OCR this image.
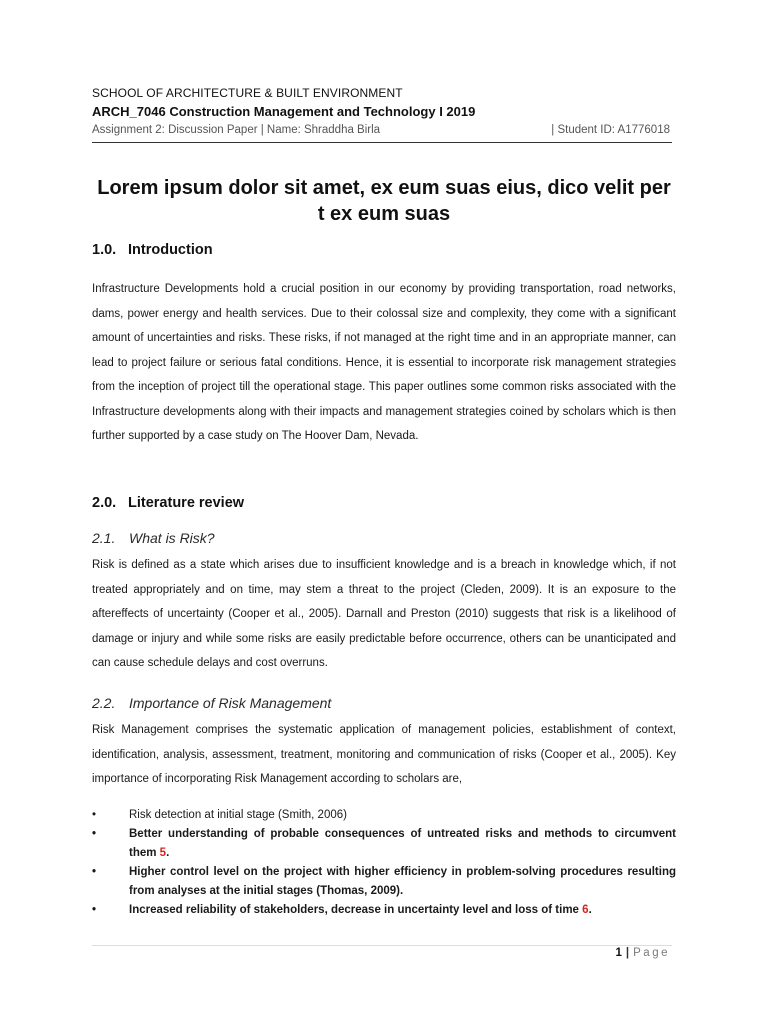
SCHOOL OF ARCHITECTURE & BUILT ENVIRONMENT
ARCH_7046 Construction Management and Technology I 2019
Assignment 2: Discussion Paper | Name: Shraddha Birla	| Student ID: A1776018
Lorem ipsum dolor sit amet, ex eum suas eius, dico velit per t ex eum suas
1.0. Introduction
Infrastructure Developments hold a crucial position in our economy by providing transportation, road networks, dams, power energy and health services. Due to their colossal size and complexity, they come with a significant amount of uncertainties and risks. These risks, if not managed at the right time and in an appropriate manner, can lead to project failure or serious fatal conditions. Hence, it is essential to incorporate risk management strategies from the inception of project till the operational stage. This paper outlines some common risks associated with the Infrastructure developments along with their impacts and management strategies coined by scholars which is then further supported by a case study on The Hoover Dam, Nevada.
2.0. Literature review
2.1. What is Risk?
Risk is defined as a state which arises due to insufficient knowledge and is a breach in knowledge which, if not treated appropriately and on time, may stem a threat to the project (Cleden, 2009). It is an exposure to the aftereffects of uncertainty (Cooper et al., 2005). Darnall and Preston (2010) suggests that risk is a likelihood of damage or injury and while some risks are easily predictable before occurrence, others can be unanticipated and can cause schedule delays and cost overruns.
2.2. Importance of Risk Management
Risk Management comprises the systematic application of management policies, establishment of context, identification, analysis, assessment, treatment, monitoring and communication of risks (Cooper et al., 2005). Key importance of incorporating Risk Management according to scholars are,
•	Risk detection at initial stage (Smith, 2006)
•	Better understanding of probable consequences of untreated risks and methods to circumvent them 5.
•	Higher control level on the project with higher efficiency in problem-solving procedures resulting from analyses at the initial stages (Thomas, 2009).
•	Increased reliability of stakeholders, decrease in uncertainty level and loss of time 6.
1 | Page
